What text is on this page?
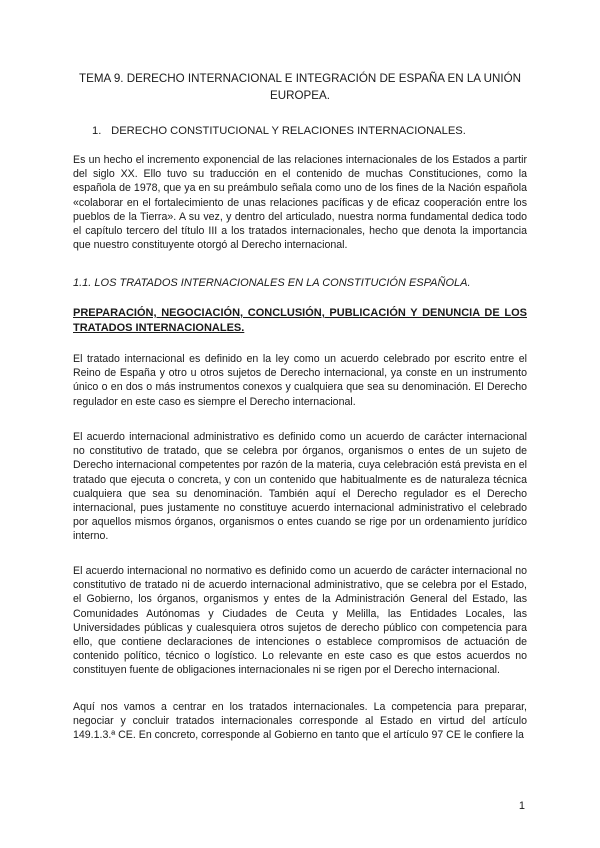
TEMA 9. DERECHO INTERNACIONAL E INTEGRACIÓN DE ESPAÑA EN LA UNIÓN EUROPEA.
1. DERECHO CONSTITUCIONAL Y RELACIONES INTERNACIONALES.

Es un hecho el incremento exponencial de las relaciones internacionales de los Estados a partir del siglo XX. Ello tuvo su traducción en el contenido de muchas Constituciones, como la española de 1978, que ya en su preámbulo señala como uno de los fines de la Nación española «colaborar en el fortalecimiento de unas relaciones pacíficas y de eficaz cooperación entre los pueblos de la Tierra». A su vez, y dentro del articulado, nuestra norma fundamental dedica todo el capítulo tercero del título III a los tratados internacionales, hecho que denota la importancia que nuestro constituyente otorgó al Derecho internacional.

1.1. LOS TRATADOS INTERNACIONALES EN LA CONSTITUCIÓN ESPAÑOLA.

PREPARACIÓN, NEGOCIACIÓN, CONCLUSIÓN, PUBLICACIÓN Y DENUNCIA DE LOS TRATADOS INTERNACIONALES.

El tratado internacional es definido en la ley como un acuerdo celebrado por escrito entre el Reino de España y otro u otros sujetos de Derecho internacional, ya conste en un instrumento único o en dos o más instrumentos conexos y cualquiera que sea su denominación. El Derecho regulador en este caso es siempre el Derecho internacional.

El acuerdo internacional administrativo es definido como un acuerdo de carácter internacional no constitutivo de tratado, que se celebra por órganos, organismos o entes de un sujeto de Derecho internacional competentes por razón de la materia, cuya celebración está prevista en el tratado que ejecuta o concreta, y con un contenido que habitualmente es de naturaleza técnica cualquiera que sea su denominación. También aquí el Derecho regulador es el Derecho internacional, pues justamente no constituye acuerdo internacional administrativo el celebrado por aquellos mismos órganos, organismos o entes cuando se rige por un ordenamiento jurídico interno.

El acuerdo internacional no normativo es definido como un acuerdo de carácter internacional no constitutivo de tratado ni de acuerdo internacional administrativo, que se celebra por el Estado, el Gobierno, los órganos, organismos y entes de la Administración General del Estado, las Comunidades Autónomas y Ciudades de Ceuta y Melilla, las Entidades Locales, las Universidades públicas y cualesquiera otros sujetos de derecho público con competencia para ello, que contiene declaraciones de intenciones o establece compromisos de actuación de contenido político, técnico o logístico. Lo relevante en este caso es que estos acuerdos no constituyen fuente de obligaciones internacionales ni se rigen por el Derecho internacional.

Aquí nos vamos a centrar en los tratados internacionales. La competencia para preparar, negociar y concluir tratados internacionales corresponde al Estado en virtud del artículo 149.1.3.ª CE. En concreto, corresponde al Gobierno en tanto que el artículo 97 CE le confiere la

1
